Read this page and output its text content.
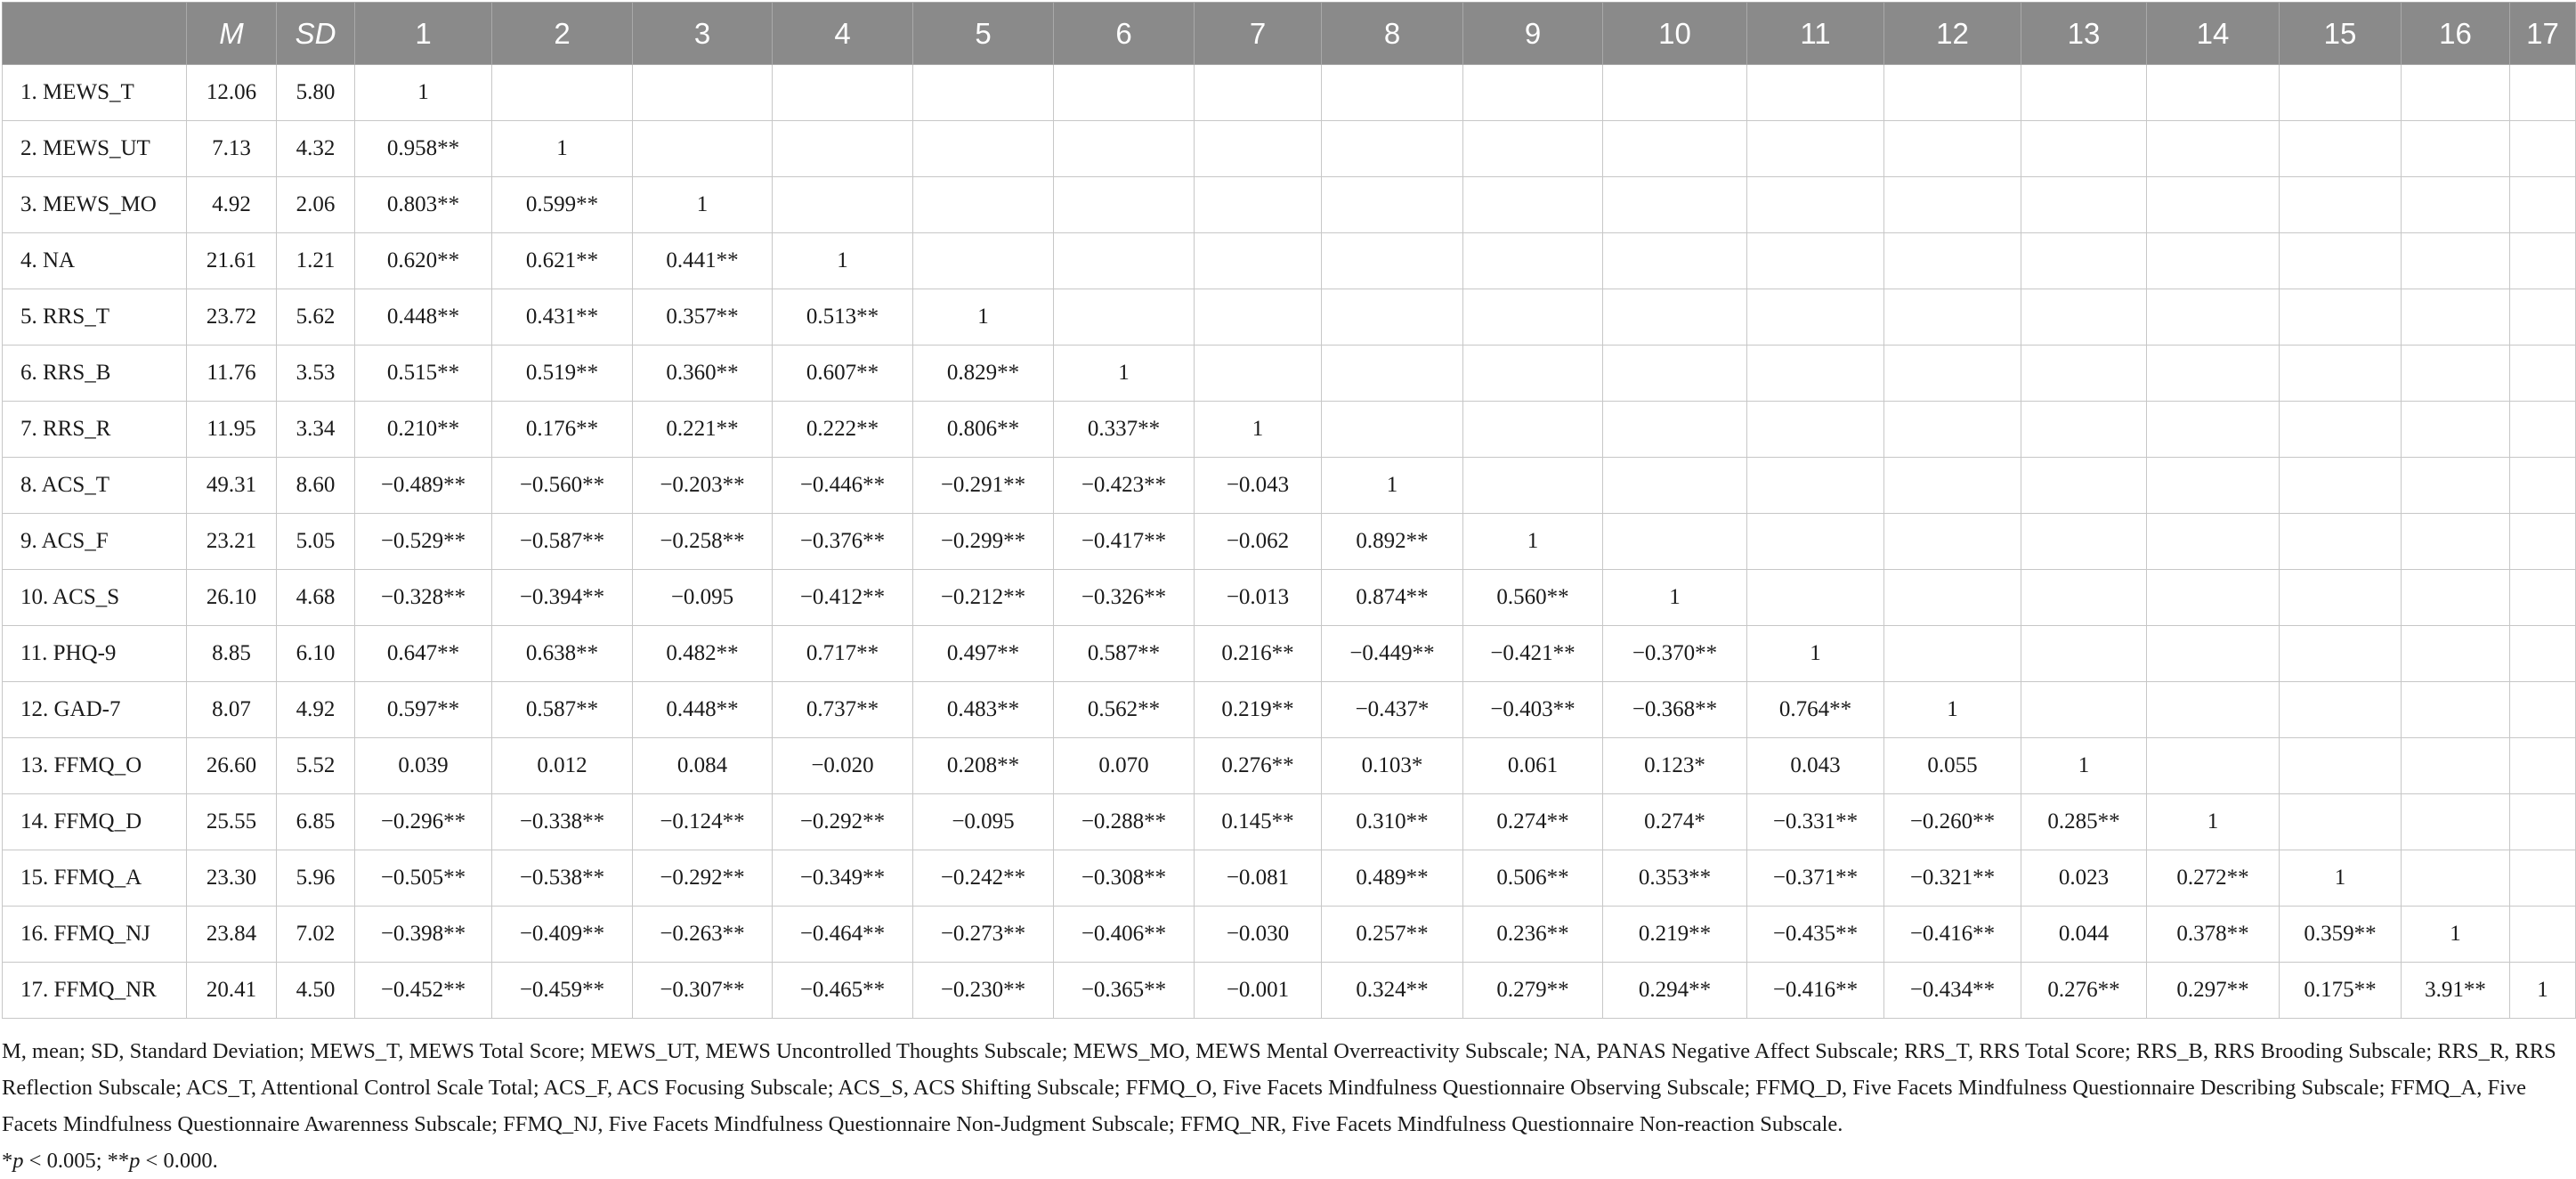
	M	SD	1	2	3	4	5	6	7	8	9	10	11	12	13	14	15	16	17
1. MEWS_T	12.06	5.80	1																
2. MEWS_UT	7.13	4.32	0.958**	1															
3. MEWS_MO	4.92	2.06	0.803**	0.599**	1														
4. NA	21.61	1.21	0.620**	0.621**	0.441**	1													
5. RRS_T	23.72	5.62	0.448**	0.431**	0.357**	0.513**	1												
6. RRS_B	11.76	3.53	0.515**	0.519**	0.360**	0.607**	0.829**	1											
7. RRS_R	11.95	3.34	0.210**	0.176**	0.221**	0.222**	0.806**	0.337**	1										
8. ACS_T	49.31	8.60	−0.489**	−0.560**	−0.203**	−0.446**	−0.291**	−0.423**	−0.043	1									
9. ACS_F	23.21	5.05	−0.529**	−0.587**	−0.258**	−0.376**	−0.299**	−0.417**	−0.062	0.892**	1								
10. ACS_S	26.10	4.68	−0.328**	−0.394**	−0.095	−0.412**	−0.212**	−0.326**	−0.013	0.874**	0.560**	1							
11. PHQ-9	8.85	6.10	0.647**	0.638**	0.482**	0.717**	0.497**	0.587**	0.216**	−0.449**	−0.421**	−0.370**	1						
12. GAD-7	8.07	4.92	0.597**	0.587**	0.448**	0.737**	0.483**	0.562**	0.219**	−0.437*	−0.403**	−0.368**	0.764**	1					
13. FFMQ_O	26.60	5.52	0.039	0.012	0.084	−0.020	0.208**	0.070	0.276**	0.103*	0.061	0.123*	0.043	0.055	1				
14. FFMQ_D	25.55	6.85	−0.296**	−0.338**	−0.124**	−0.292**	−0.095	−0.288**	0.145**	0.310**	0.274**	0.274*	−0.331**	−0.260**	0.285**	1			
15. FFMQ_A	23.30	5.96	−0.505**	−0.538**	−0.292**	−0.349**	−0.242**	−0.308**	−0.081	0.489**	0.506**	0.353**	−0.371**	−0.321**	0.023	0.272**	1		
16. FFMQ_NJ	23.84	7.02	−0.398**	−0.409**	−0.263**	−0.464**	−0.273**	−0.406**	−0.030	0.257**	0.236**	0.219**	−0.435**	−0.416**	0.044	0.378**	0.359**	1	
17. FFMQ_NR	20.41	4.50	−0.452**	−0.459**	−0.307**	−0.465**	−0.230**	−0.365**	−0.001	0.324**	0.279**	0.294**	−0.416**	−0.434**	0.276**	0.297**	0.175**	3.91**	1
M, mean; SD, Standard Deviation; MEWS_T, MEWS Total Score; MEWS_UT, MEWS Uncontrolled Thoughts Subscale; MEWS_MO, MEWS Mental Overreactivity Subscale; NA, PANAS Negative Affect Subscale; RRS_T, RRS Total Score; RRS_B, RRS Brooding Subscale; RRS_R, RRS Reflection Subscale; ACS_T, Attentional Control Scale Total; ACS_F, ACS Focusing Subscale; ACS_S, ACS Shifting Subscale; FFMQ_O, Five Facets Mindfulness Questionnaire Observing Subscale; FFMQ_D, Five Facets Mindfulness Questionnaire Describing Subscale; FFMQ_A, Five Facets Mindfulness Questionnaire Awarenness Subscale; FFMQ_NJ, Five Facets Mindfulness Questionnaire Non-Judgment Subscale; FFMQ_NR, Five Facets Mindfulness Questionnaire Non-reaction Subscale.
*p < 0.005; **p < 0.000.
